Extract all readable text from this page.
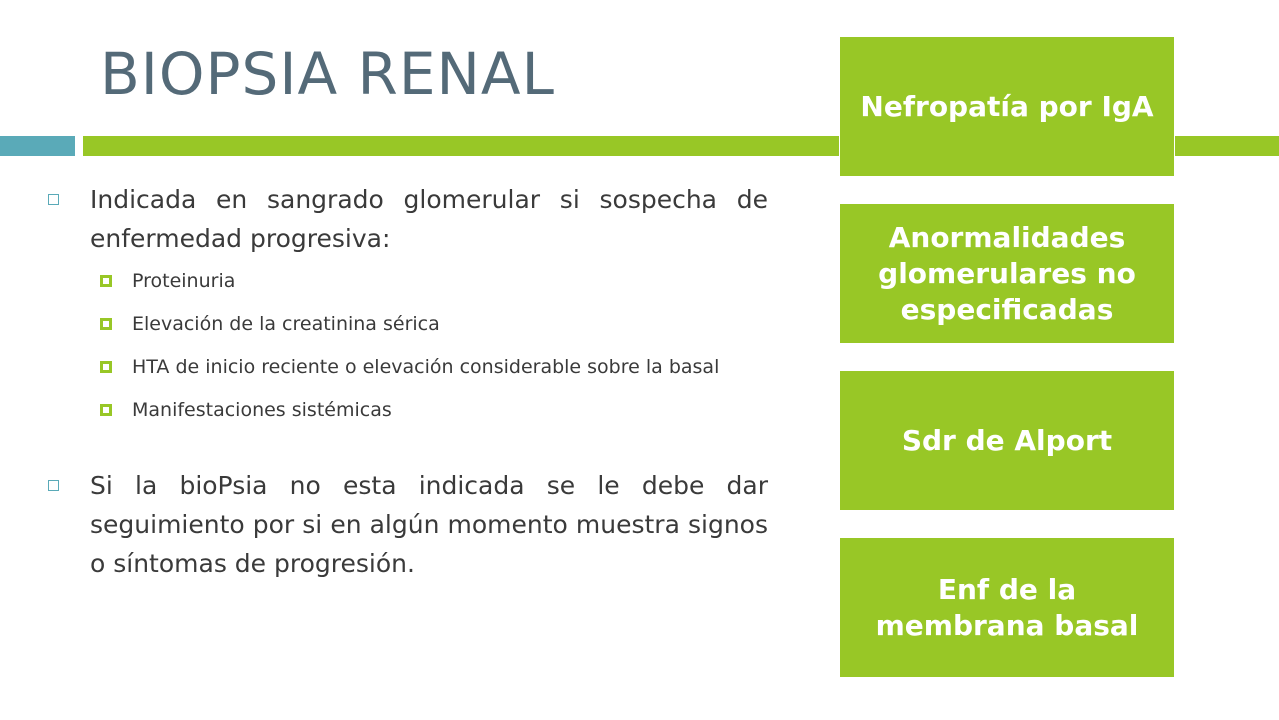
BIOPSIA RENAL
Indicada en sangrado glomerular si sospecha de enfermedad progresiva:
Proteinuria
Elevación de la creatinina sérica
HTA de inicio reciente o elevación considerable sobre la basal
Manifestaciones sistémicas
Si la bioPsia no esta indicada se le debe dar seguimiento por si en algún momento muestra signos o síntomas de progresión.
Nefropatía por IgA
Anormalidades glomerulares no especificadas
Sdr de Alport
Enf de la membrana basal
